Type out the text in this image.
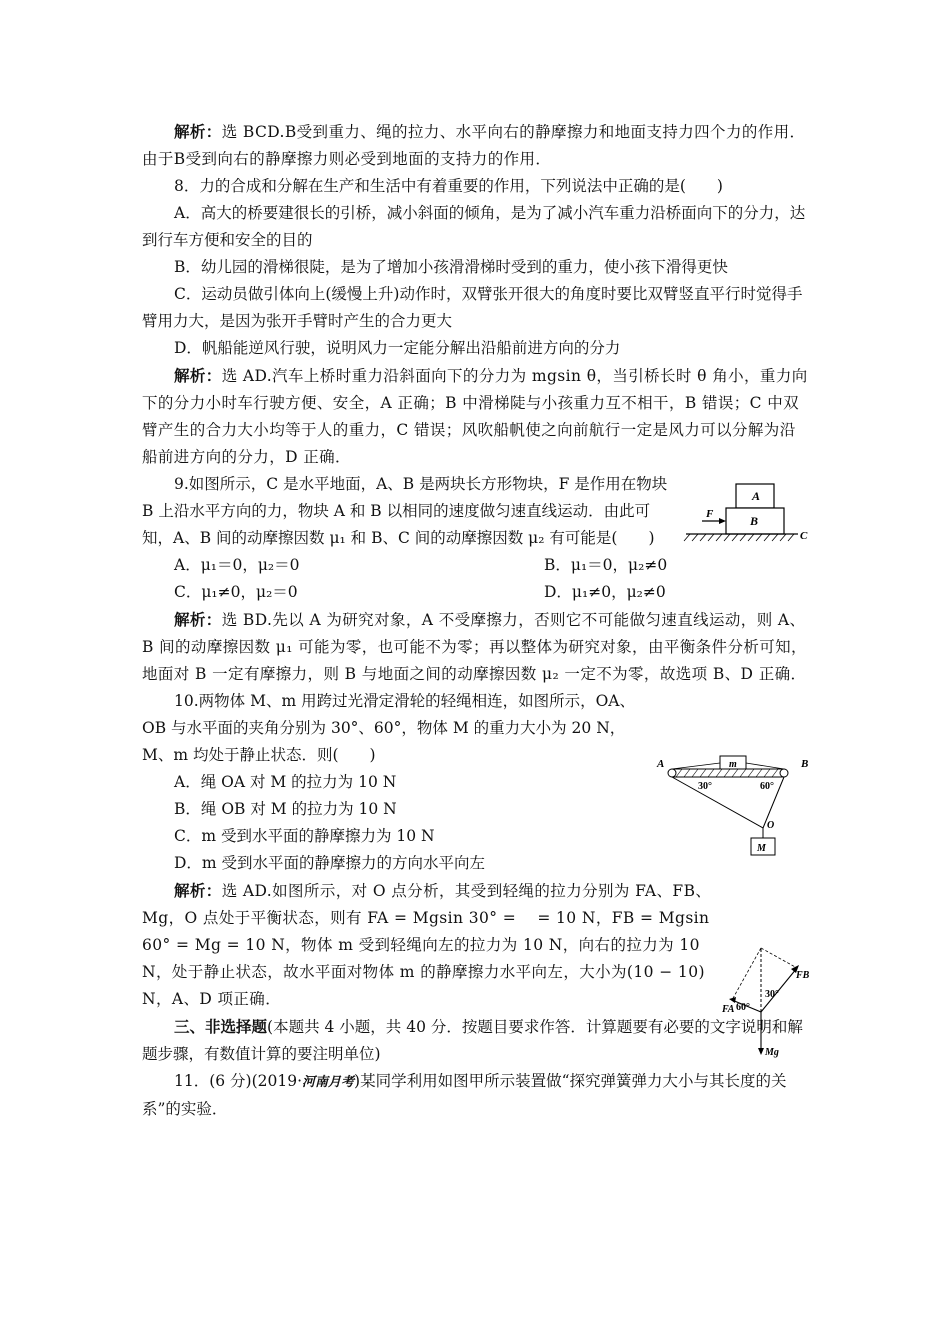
解析：选 BCD.B受到重力、绳的拉力、水平向右的静摩擦力和地面支持力四个力的作用．由于B受到向右的静摩擦力则必受到地面的支持力的作用．

8．力的合成和分解在生产和生活中有着重要的作用，下列说法中正确的是(　　)

A．高大的桥要建很长的引桥，减小斜面的倾角，是为了减小汽车重力沿桥面向下的分力，达到行车方便和安全的目的

B．幼儿园的滑梯很陡，是为了增加小孩滑滑梯时受到的重力，使小孩下滑得更快

C．运动员做引体向上(缓慢上升)动作时，双臂张开很大的角度时要比双臂竖直平行时觉得手臂用力大，是因为张开手臂时产生的合力更大

D．帆船能逆风行驶，说明风力一定能分解出沿船前进方向的分力

解析：选 AD.汽车上桥时重力沿斜面向下的分力为 mgsin θ，当引桥长时 θ 角小，重力向下的分力小时车行驶方便、安全，A 正确；B 中滑梯陡与小孩重力互不相干，B 错误；C 中双臂产生的合力大小均等于人的重力，C 错误；风吹船帆使之向前航行一定是风力可以分解为沿船前进方向的分力，D 正确．

9.如图所示，C 是水平地面，A、B 是两块长方形物块，F 是作用在物块 B 上沿水平方向的力，物块 A 和 B 以相同的速度做匀速直线运动．由此可知，A、B 间的动摩擦因数 μ₁ 和 B、C 间的动摩擦因数 μ₂ 有可能是(　　)

A．μ₁＝0，μ₂＝0	B．μ₁＝0，μ₂≠0
C．μ₁≠0，μ₂＝0	D．μ₁≠0，μ₂≠0

解析：选 BD.先以 A 为研究对象，A 不受摩擦力，否则它不可能做匀速直线运动，则 A、B 间的动摩擦因数 μ₁ 可能为零，也可能不为零；再以整体为研究对象，由平衡条件分析可知，地面对 B 一定有摩擦力，则 B 与地面之间的动摩擦因数 μ₂ 一定不为零，故选项 B、D 正确．

10.两物体 M、m 用跨过光滑定滑轮的轻绳相连，如图所示，OA、OB 与水平面的夹角分别为 30°、60°，物体 M 的重力大小为 20 N，M、m 均处于静止状态．则(　　)

A．绳 OA 对 M 的拉力为 10 N

B．绳 OB 对 M 的拉力为 10 N

C．m 受到水平面的静摩擦力为 10 N

D．m 受到水平面的静摩擦力的方向水平向左

解析：选 AD.如图所示，对 O 点分析，其受到轻绳的拉力分别为 FA、FB、Mg，O 点处于平衡状态，则有 FA = Mgsin 30° = 　= 10 N，FB = Mgsin 60° = Mg = 10 N，物体 m 受到轻绳向左的拉力为 10 N，向右的拉力为 10 N，处于静止状态，故水平面对物体 m 的静摩擦力水平向左，大小为(10 − 10) N，A、D 项正确．

三、非选择题(本题共 4 小题，共 40 分．按题目要求作答．计算题要有必要的文字说明和解题步骤，有数值计算的要注明单位)

11．(6 分)(2019·河南月考)某同学利用如图甲所示装置做“探究弹簧弹力大小与其长度的关系”的实验．

A
B
F
C
A	B
m
O
M
30°	60°
FB
FA
Mg
30°
60°
